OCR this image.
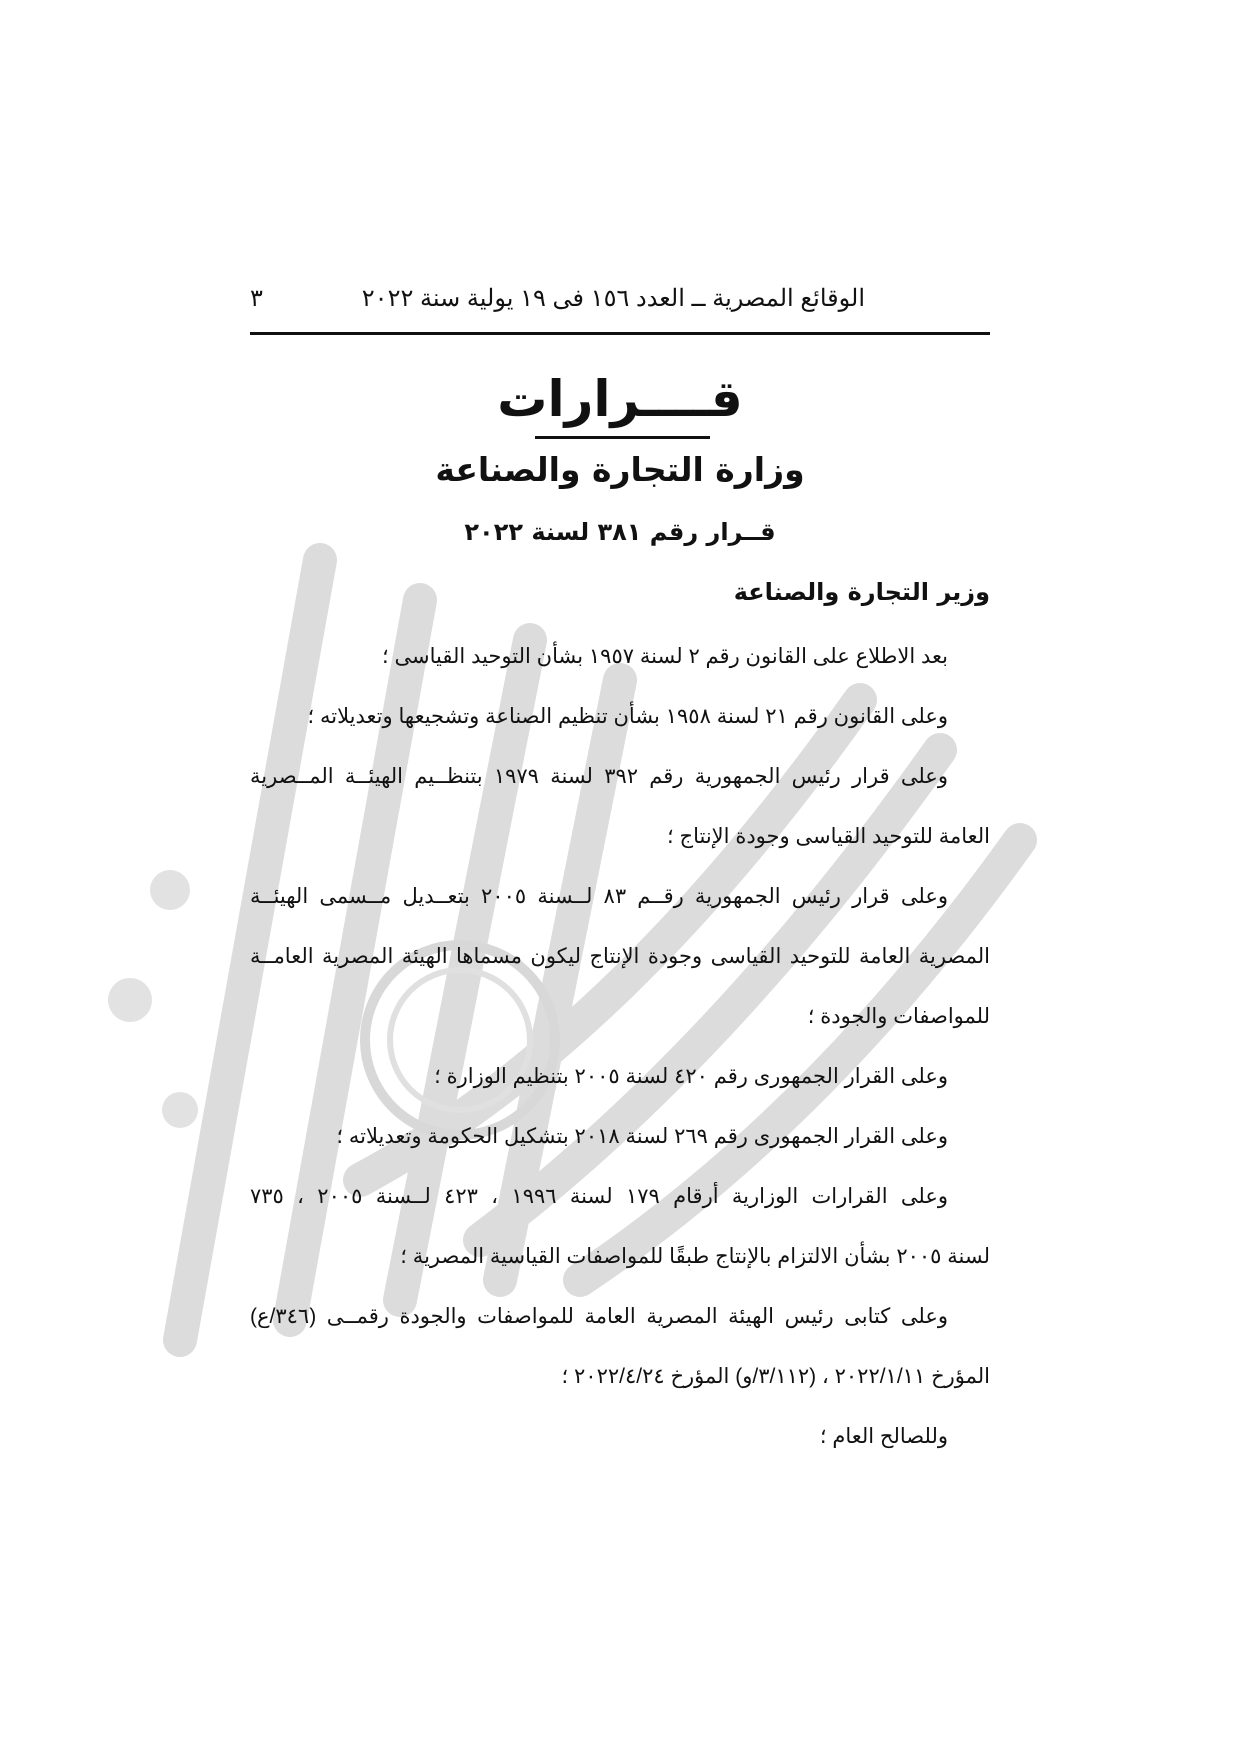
الوقائع المصرية ــ العدد ١٥٦ فى ١٩ يولية سنة ٢٠٢٢
٣
قــــرارات
وزارة التجارة والصناعة
قــرار رقم ٣٨١ لسنة ٢٠٢٢
وزير التجارة والصناعة
بعد الاطلاع على القانون رقم ٢ لسنة ١٩٥٧ بشأن التوحيد القياسى ؛
وعلى القانون رقم ٢١ لسنة ١٩٥٨ بشأن تنظيم الصناعة وتشجيعها وتعديلاته ؛
وعلى قرار رئيس الجمهورية رقم ٣٩٢ لسنة ١٩٧٩ بتنظــيم الهيئــة المــصرية
العامة للتوحيد القياسى وجودة الإنتاج ؛
وعلى قرار رئيس الجمهورية رقــم ٨٣ لــسنة ٢٠٠٥ بتعــديل مــسمى الهيئــة
المصرية العامة للتوحيد القياسى وجودة الإنتاج ليكون مسماها الهيئة المصرية العامــة
للمواصفات والجودة ؛
وعلى القرار الجمهورى رقم ٤٢٠ لسنة ٢٠٠٥ بتنظيم الوزارة ؛
وعلى القرار الجمهورى رقم ٢٦٩ لسنة ٢٠١٨ بتشكيل الحكومة وتعديلاته ؛
وعلى القرارات الوزارية أرقام ١٧٩ لسنة ١٩٩٦ ، ٤٢٣ لــسنة ٢٠٠٥ ، ٧٣٥
لسنة ٢٠٠٥ بشأن الالتزام بالإنتاج طبقًا للمواصفات القياسية المصرية ؛
وعلى كتابى رئيس الهيئة المصرية العامة للمواصفات والجودة رقمــى (٣٤٦/ع)
المؤرخ ٢٠٢٢/١/١١ ، (٣/١١٢/و) المؤرخ ٢٠٢٢/٤/٢٤ ؛
وللصالح العام ؛
